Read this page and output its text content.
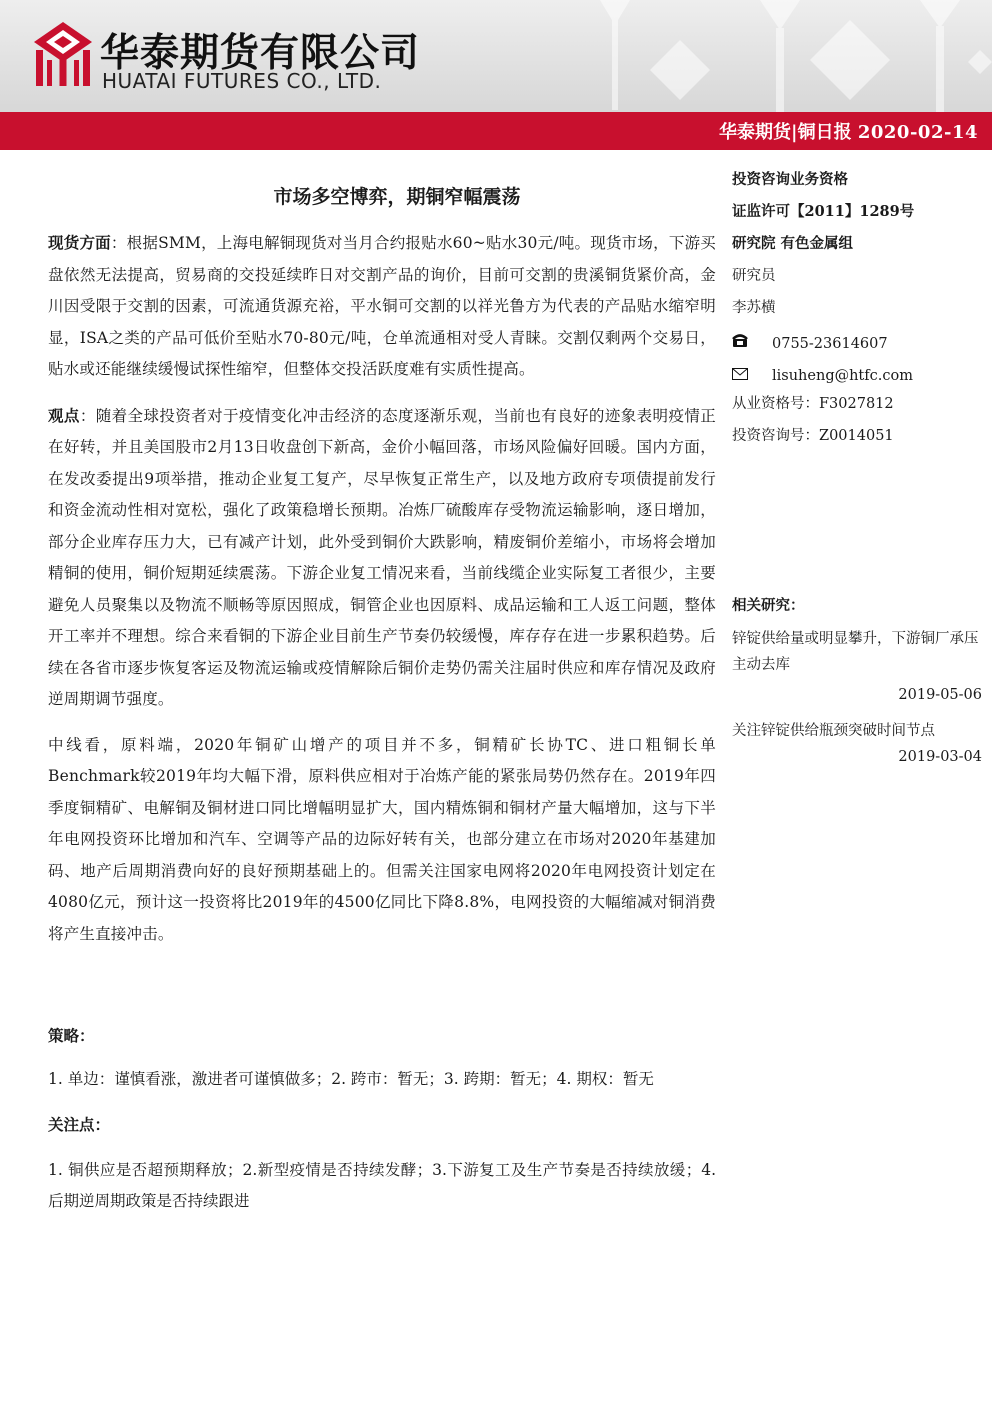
华泰期货有限公司
HUATAI FUTURES CO., LTD.
华泰期货|铜日报 2020-02-14
市场多空博弈，期铜窄幅震荡

现货方面：根据SMM，上海电解铜现货对当月合约报贴水60~贴水30元/吨。现货市场，下游买盘依然无法提高，贸易商的交投延续昨日对交割产品的询价，目前可交割的贵溪铜货紧价高，金川因受限于交割的因素，可流通货源充裕，平水铜可交割的以祥光鲁方为代表的产品贴水缩窄明显，ISA之类的产品可低价至贴水70-80元/吨，仓单流通相对受人青睐。交割仅剩两个交易日，贴水或还能继续缓慢试探性缩窄，但整体交投活跃度难有实质性提高。

观点：随着全球投资者对于疫情变化冲击经济的态度逐渐乐观，当前也有良好的迹象表明疫情正在好转，并且美国股市2月13日收盘创下新高，金价小幅回落，市场风险偏好回暖。国内方面，在发改委提出9项举措，推动企业复工复产，尽早恢复正常生产，以及地方政府专项债提前发行和资金流动性相对宽松，强化了政策稳增长预期。冶炼厂硫酸库存受物流运输影响，逐日增加，部分企业库存压力大，已有减产计划，此外受到铜价大跌影响，精废铜价差缩小，市场将会增加精铜的使用，铜价短期延续震荡。下游企业复工情况来看，当前线缆企业实际复工者很少，主要避免人员聚集以及物流不顺畅等原因照成，铜管企业也因原料、成品运输和工人返工问题，整体开工率并不理想。综合来看铜的下游企业目前生产节奏仍较缓慢，库存存在进一步累积趋势。后续在各省市逐步恢复客运及物流运输或疫情解除后铜价走势仍需关注届时供应和库存情况及政府逆周期调节强度。

中线看，原料端，2020年铜矿山增产的项目并不多，铜精矿长协TC、进口粗铜长单Benchmark较2019年均大幅下滑，原料供应相对于冶炼产能的紧张局势仍然存在。2019年四季度铜精矿、电解铜及铜材进口同比增幅明显扩大，国内精炼铜和铜材产量大幅增加，这与下半年电网投资环比增加和汽车、空调等产品的边际好转有关，也部分建立在市场对2020年基建加码、地产后周期消费向好的良好预期基础上的。但需关注国家电网将2020年电网投资计划定在4080亿元，预计这一投资将比2019年的4500亿同比下降8.8%，电网投资的大幅缩减对铜消费将产生直接冲击。

策略：

1. 单边：谨慎看涨，激进者可谨慎做多；2. 跨市：暂无；3. 跨期：暂无；4. 期权：暂无

关注点：

1. 铜供应是否超预期释放；2.新型疫情是否持续发酵；3.下游复工及生产节奏是否持续放缓；4. 后期逆周期政策是否持续跟进

投资咨询业务资格
证监许可【2011】1289号
研究院 有色金属组
研究员
李苏横
0755-23614607
lisuheng@htfc.com
从业资格号：F3027812
投资咨询号：Z0014051
相关研究：
锌锭供给量或明显攀升，下游铜厂承压主动去库
2019-05-06
关注锌锭供给瓶颈突破时间节点
2019-03-04
